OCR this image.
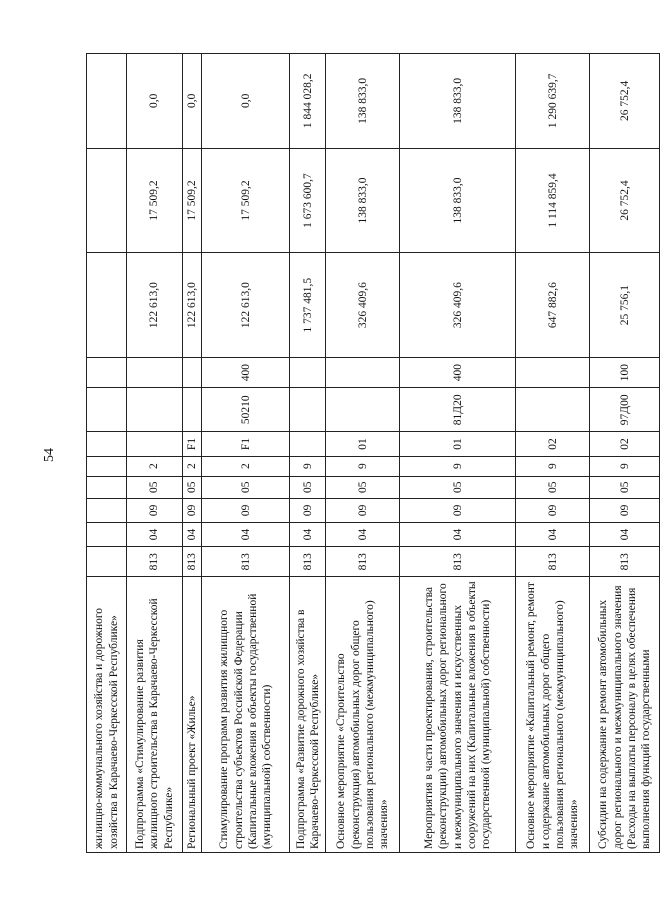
54
жилищно-коммунального хозяйства и дорожного хозяйства в Карачаево-Черкесской Республике»											
Подпрограмма «Стимулирование развития жилищного строительства в Карачаево-Черкесской Республике»	813	04	09	05	2				122 613,0	17 509,2	0,0
Региональный проект «Жилье»	813	04	09	05	2	F1			122 613,0	17 509,2	0,0
Стимулирование программ развития жилищного строительства субъектов Российской Федерации (Капитальные вложения в объекты государственной (муниципальной) собственности)	813	04	09	05	2	F1	50210	400	122 613,0	17 509,2	0,0
Подпрограмма «Развитие дорожного хозяйства в Карачаево-Черкесской Республике»	813	04	09	05	9				1 737 481,5	1 673 600,7	1 844 028,2
Основное мероприятие «Строительство (реконструкция) автомобильных дорог общего пользования регионального (межмуниципального) значения»	813	04	09	05	9	01			326 409,6	138 833,0	138 833,0
Мероприятия в части проектирования, строительства (реконструкции) автомобильных дорог регионального и межмуниципального значения и искусственных сооружений на них (Капитальные вложения в объекты государственной (муниципальной) собственности)	813	04	09	05	9	01	81Д20	400	326 409,6	138 833,0	138 833,0
Основное мероприятие «Капитальный ремонт, ремонт и содержание автомобильных дорог общего пользования регионального (межмуниципального) значения»	813	04	09	05	9	02			647 882,6	1 114 859,4	1 290 639,7
Субсидии на содержание и ремонт автомобильных дорог регионального и межмуниципального значения (Расходы на выплаты персоналу в целях обеспечения выполнения функций государственными	813	04	09	05	9	02	97Д00	100	25 756,1	26 752,4	26 752,4
